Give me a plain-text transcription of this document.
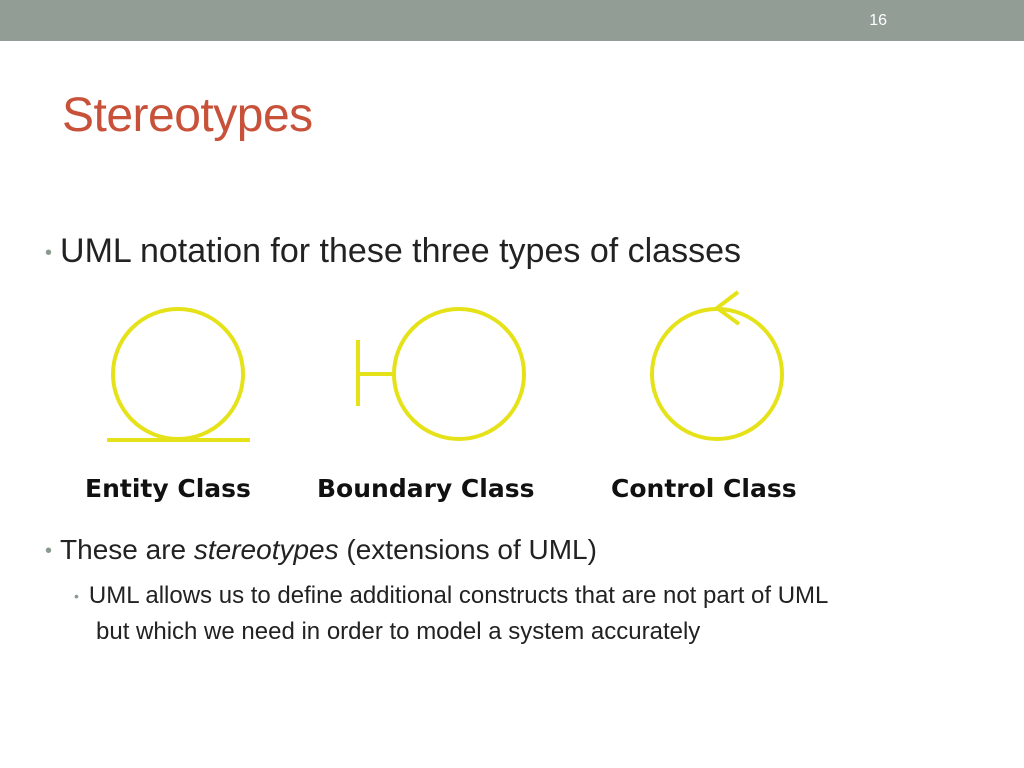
16
Stereotypes
• UML notation for these three types of classes
Entity Class	Boundary Class	Control Class
• These are stereotypes (extensions of UML)
• UML allows us to define additional constructs that are not part of UML
but which we need in order to model a system accurately
